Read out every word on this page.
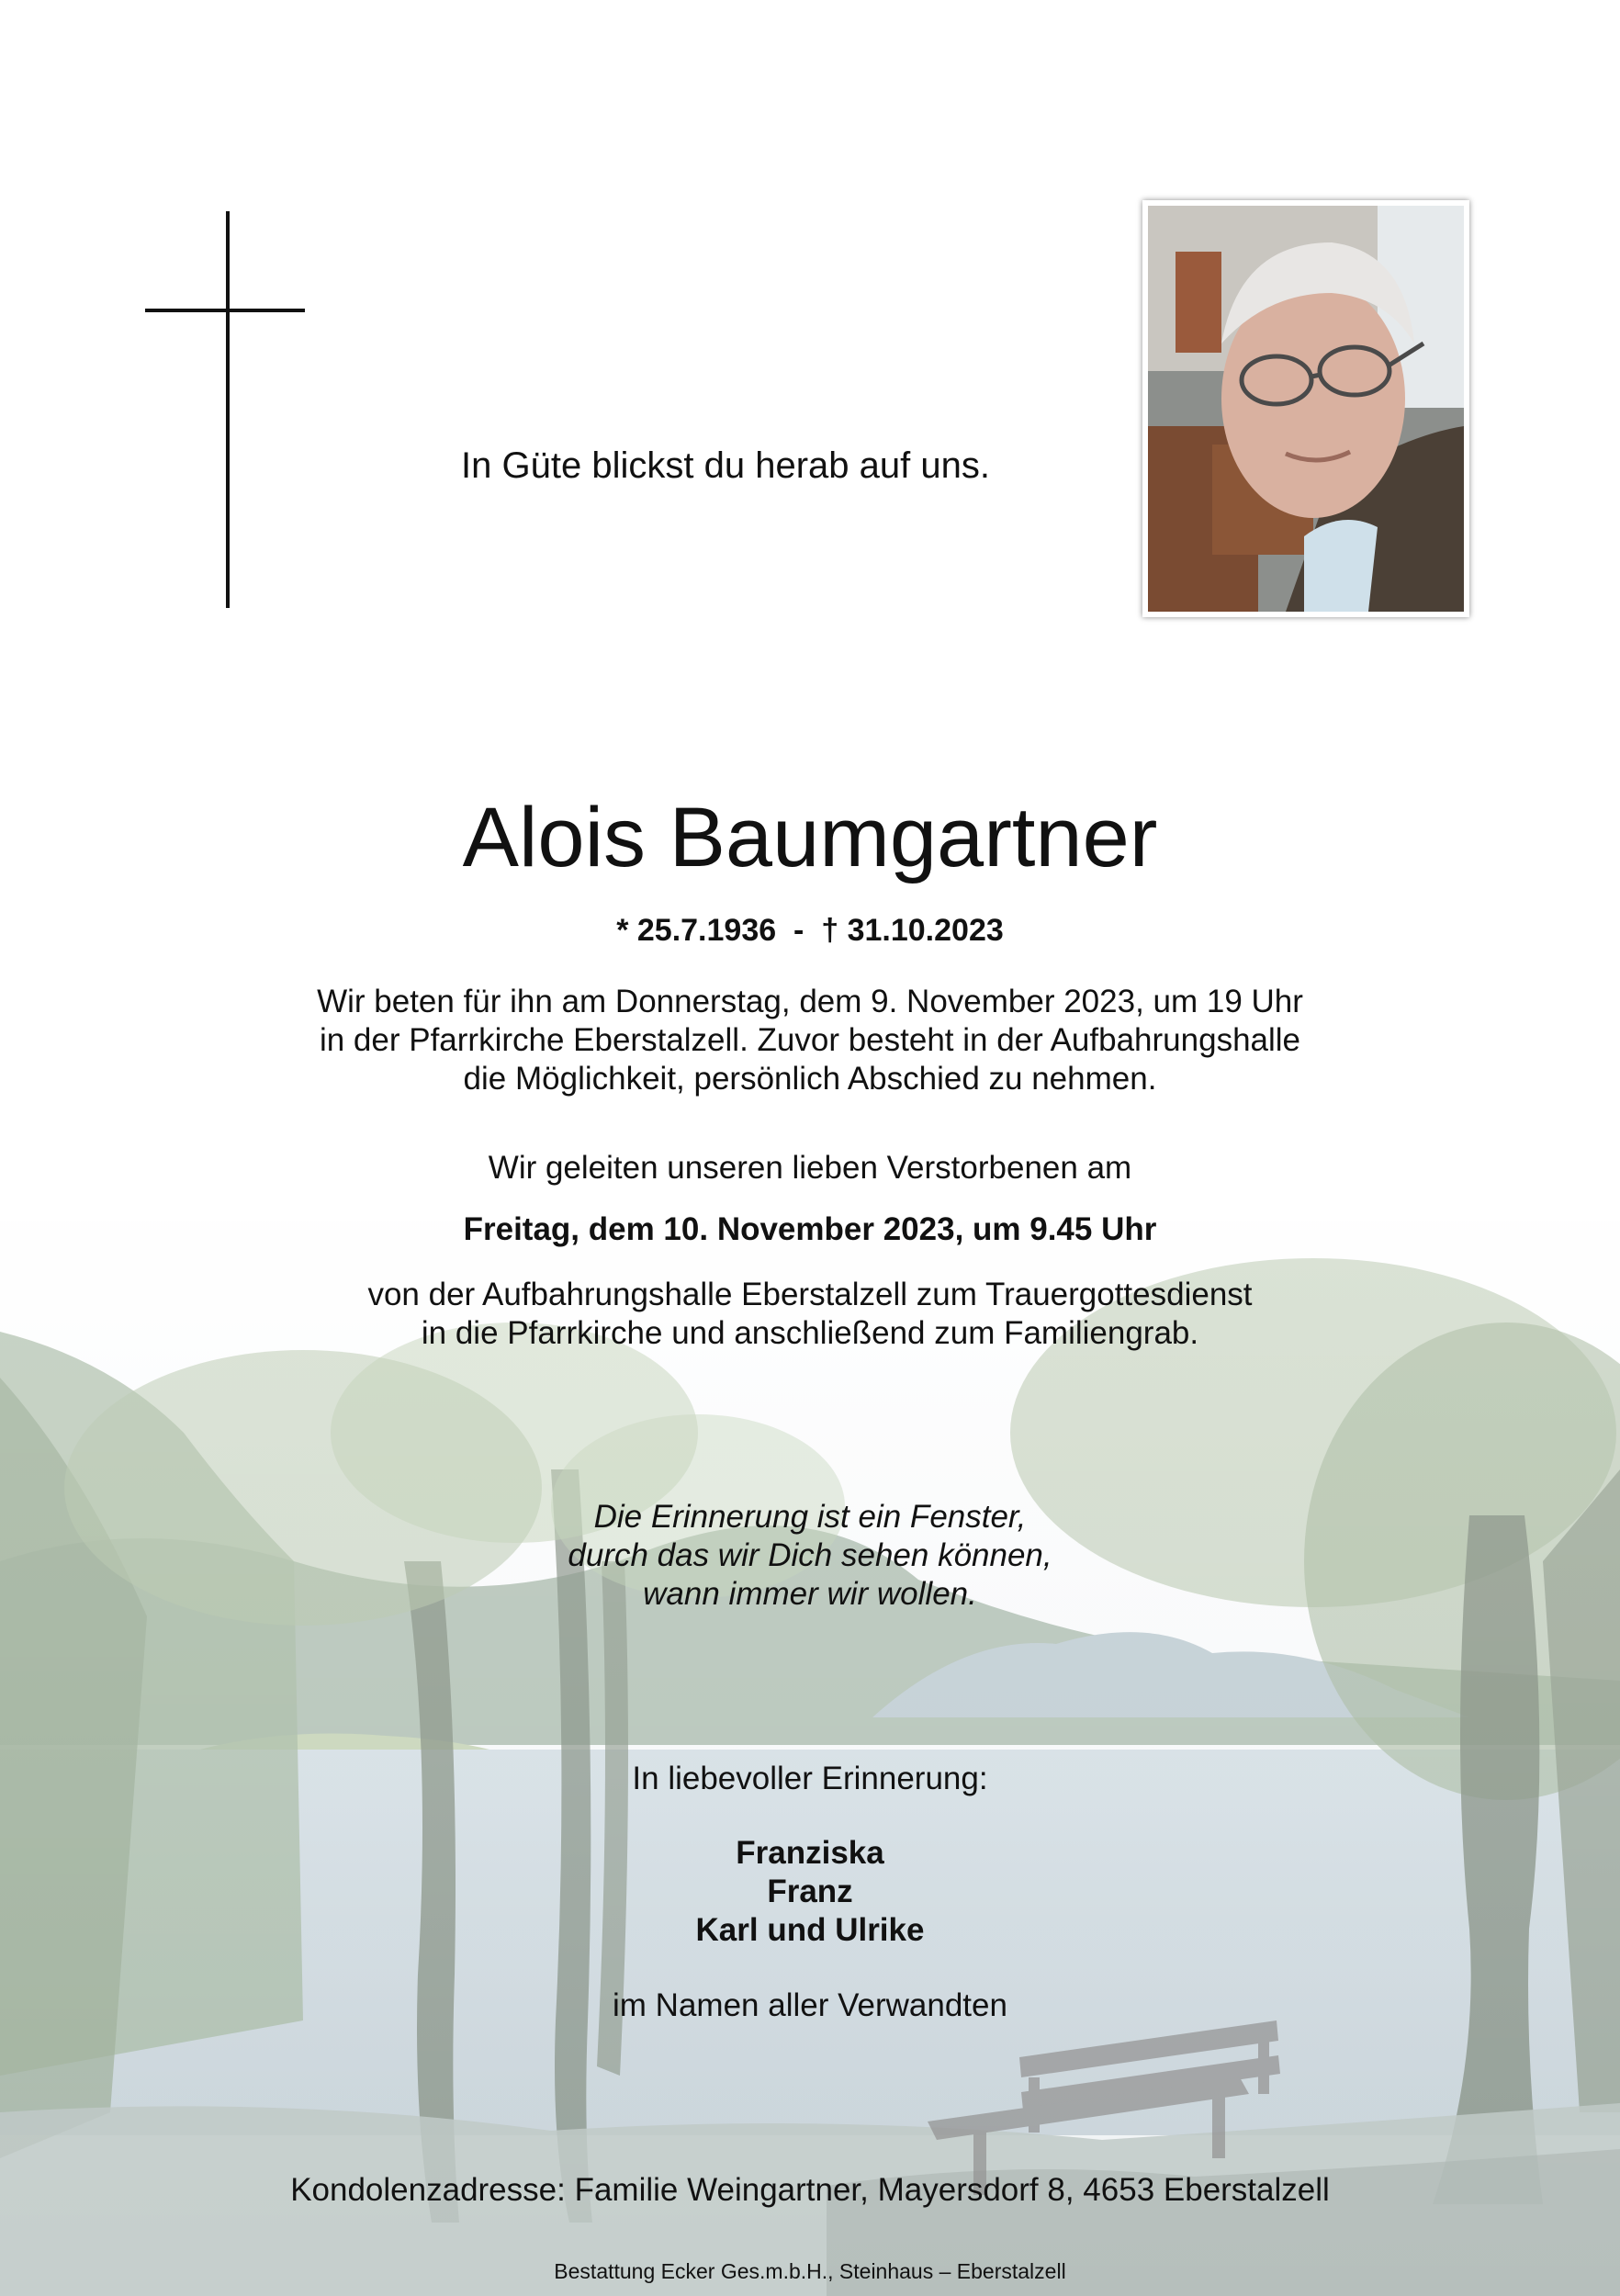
In Güte blickst du herab auf uns.
Alois Baumgartner
* 25.7.1936  -  † 31.10.2023
Wir beten für ihn am Donnerstag, dem 9. November 2023, um 19 Uhr
in der Pfarrkirche Eberstalzell. Zuvor besteht in der Aufbahrungshalle
die Möglichkeit, persönlich Abschied zu nehmen.
Wir geleiten unseren lieben Verstorbenen am
Freitag, dem 10. November 2023, um 9.45 Uhr
von der Aufbahrungshalle Eberstalzell zum Trauergottesdienst
in die Pfarrkirche und anschließend zum Familiengrab.
Die Erinnerung ist ein Fenster,
durch das wir Dich sehen können,
wann immer wir wollen.
In liebevoller Erinnerung:
Franziska
Franz
Karl und Ulrike
im Namen aller Verwandten
Kondolenzadresse: Familie Weingartner, Mayersdorf 8, 4653 Eberstalzell
Bestattung Ecker Ges.m.b.H., Steinhaus – Eberstalzell
